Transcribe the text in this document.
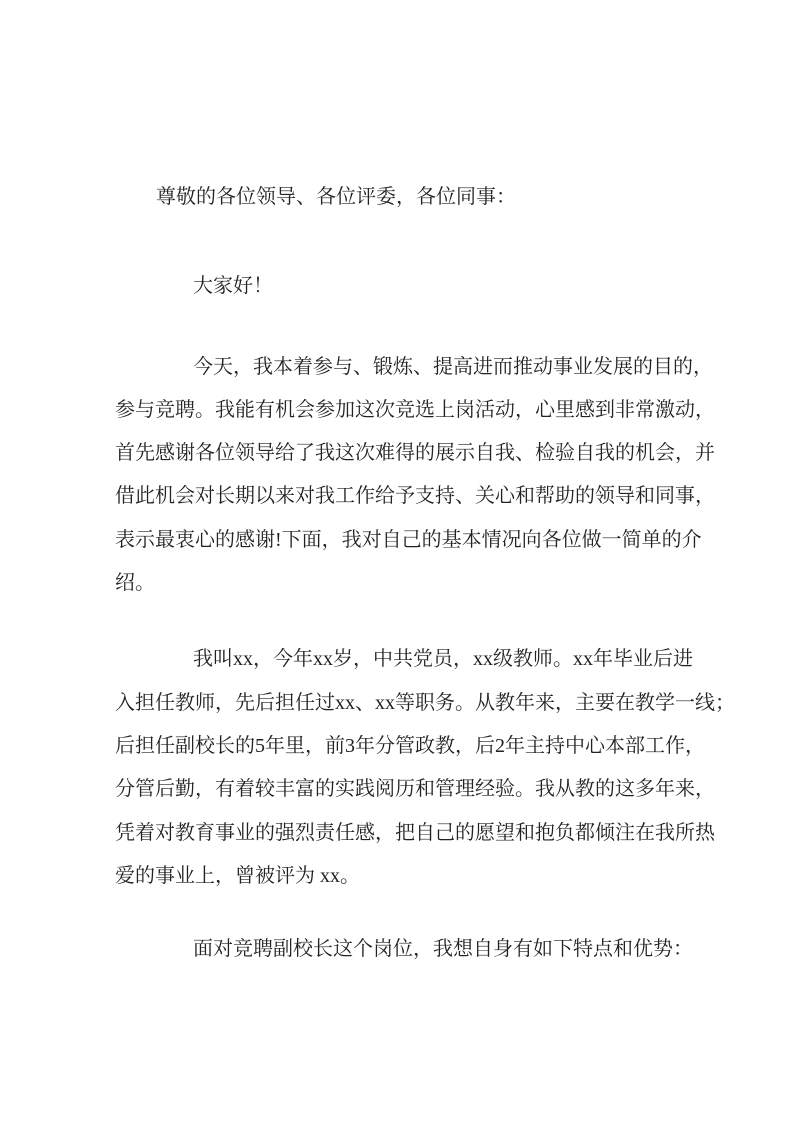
尊敬的各位领导、各位评委，各位同事：
大家好！
今 天 ， 我 本 着 参 与 、 锻 炼 、 提 高 进 而 推 动 事 业 发 展 的 目 的 ，
参 与 竞 聘 。 我 能 有 机 会 参 加 这 次 竞 选 上 岗 活 动 ， 心 里 感 到 非 常 激 动 ，
首 先 感 谢 各 位 领 导 给 了 我 这 次 难 得 的 展 示 自 我 、 检 验 自 我 的 机 会 ， 并
借 此 机 会 对 长 期 以 来 对 我 工 作 给 予 支 持 、 关 心 和 帮 助 的 领 导 和 同 事 ，
表 示 最 衷 心 的 感 谢 ! 下 面 ， 我 对 自 己 的 基 本 情 况 向 各 位 做 一 简 单 的 介
绍。
我 叫 xx ， 今 年 xx 岁 ， 中 共 党 员 ， xx 级 教 师 。 xx 年 毕 业 后 进
入 担 任 教 师 ， 先 后 担 任 过 xx 、 xx 等 职 务 。 从 教 年 来 ， 主 要 在 教 学 一 线 ；
后 担 任 副 校 长 的 5 年 里 ， 前 3 年 分 管 政 教 ， 后 2 年 主 持 中 心 本 部 工 作 ，
分 管 后 勤 ， 有 着 较 丰 富 的 实 践 阅 历 和 管 理 经 验 。 我 从 教 的 这 多 年 来 ，
凭 着 对 教 育 事 业 的 强 烈 责 任 感 ， 把 自 己 的 愿 望 和 抱 负 都 倾 注 在 我 所 热
爱的事业上，曾被评为 xx。
面对竞聘副校长这个岗位，我想自身有如下特点和优势：
